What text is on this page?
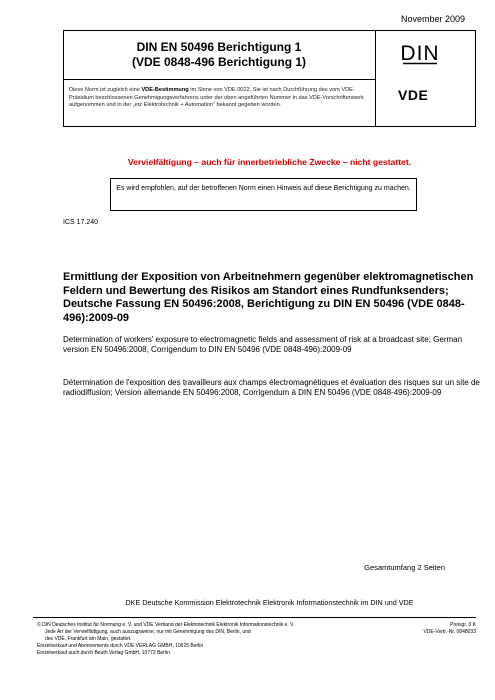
November 2009
DIN EN 50496 Berichtigung 1
(VDE 0848-496 Berichtigung 1)
Diese Norm ist zugleich eine VDE-Bestimmung im Sinne von VDE 0022. Sie ist nach Durchführung des vom VDE-Präsidium beschlossenen Genehmigungsverfahrens unter der oben angeführten Nummer in das VDE-Vorschriftenwerk aufgenommen und in der „etz Elektrotechnik + Automation“ bekannt gegeben worden.
DIN
VDE
Vervielfältigung – auch für innerbetriebliche Zwecke – nicht gestattet.
Es wird empfohlen, auf der betroffenen Norm einen Hinweis auf diese Berichtigung zu machen.
ICS 17.240
Ermittlung der Exposition von Arbeitnehmern gegenüber elektromagnetischen Feldern und Bewertung des Risikos am Standort eines Rundfunksenders; Deutsche Fassung EN 50496:2008, Berichtigung zu DIN EN 50496 (VDE 0848-496):2009-09
Determination of workers' exposure to electromagnetic fields and assessment of risk at a broadcast site; German version EN 50496:2008, Corrigendum to DIN EN 50496 (VDE 0848-496):2009-09
Détermination de l'exposition des travailleurs aux champs électromagnétiques et évaluation des risques sur un site de radiodiffusion; Version allemande EN 50496:2008, Corrigendum à DIN EN 50496 (VDE 0848-496):2009-09
Gesamtumfang 2 Seiten
DKE Deutsche Kommission Elektrotechnik Elektronik Informationstechnik im DIN und VDE
© DIN Deutsches Institut für Normung e. V. und VDE Verband der Elektrotechnik Elektronik Informationstechnik e. V.
Jede Art der Vervielfältigung, auch auszugsweise, nur mit Genehmigung des DIN, Berlin, und
des VDE, Frankfurt am Main, gestattet.
Einzelverkauf und Abonnements durch VDE VERLAG GMBH, 10625 Berlin
Einzelverkauf auch durch Beuth Verlag GmbH, 10772 Berlin
Preisgr. 0 K
VDE-Vertr.-Nr. 0848033
